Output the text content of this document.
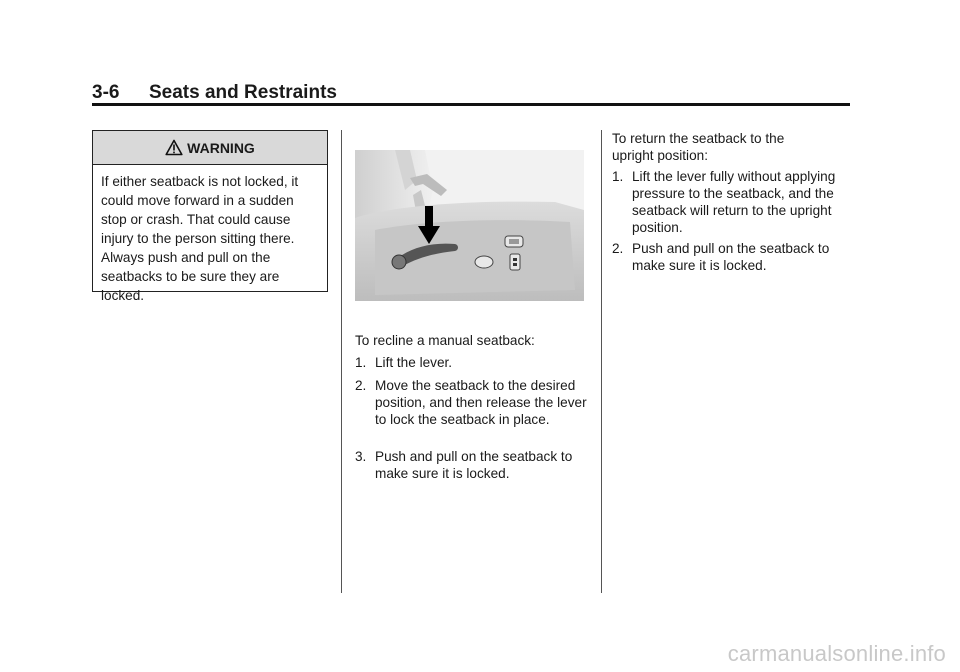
3-6 Seats and Restraints
WARNING
If either seatback is not locked, it could move forward in a sudden stop or crash. That could cause injury to the person sitting there. Always push and pull on the seatbacks to be sure they are locked.
To recline a manual seatback:
1. Lift the lever.
2. Move the seatback to the desired position, and then release the lever to lock the seatback in place.
3. Push and pull on the seatback to make sure it is locked.
To return the seatback to the upright position:
1. Lift the lever fully without applying pressure to the seatback, and the seatback will return to the upright position.
2. Push and pull on the seatback to make sure it is locked.
carmanualsonline.info
